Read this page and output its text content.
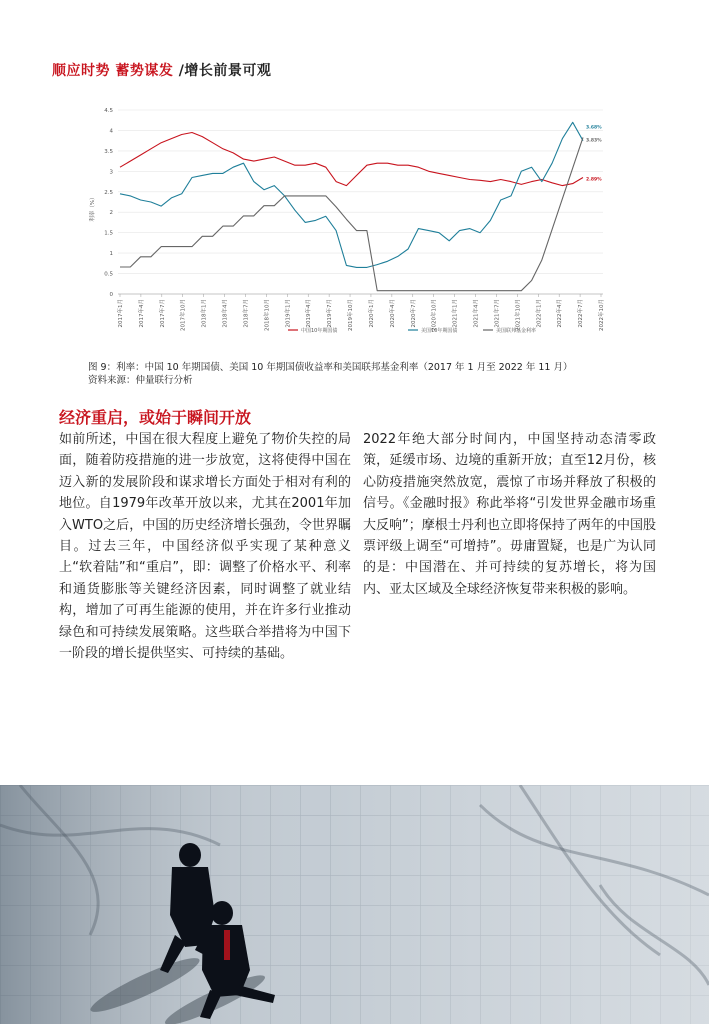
顺应时势 蓄势谋发 /增长前景可观
0
0.5
1
1.5
2
2.5
3
3.5
4
4.5
利率（%）
2017年1月	2017年4月	2017年7月	2017年10月	2018年1月	2018年4月	2018年7月	2018年10月	2019年1月	2019年4月	2019年7月	2019年10月	2020年1月	2020年4月	2020年7月	2020年10月	2021年1月	2021年4月	2021年7月	2021年10月	2022年1月	2022年4月	2022年7月	2022年10月
2.89%
3.68%
3.83%
中国10年期国债	美国10年期国债	美国联邦基金利率
图 9：利率：中国 10 年期国债、美国 10 年期国债收益率和美国联邦基金利率（2017 年 1 月至 2022 年 11 月）
资料来源：仲量联行分析
经济重启，或始于瞬间开放
如前所述，中国在很大程度上避免了物价失控的局面，随着防疫措施的进一步放宽，这将使得中国在迈入新的发展阶段和谋求增长方面处于相对有利的地位。自1979年改革开放以来，尤其在2001年加入WTO之后，中国的历史经济增长强劲，令世界瞩目。过去三年，中国经济似乎实现了某种意义上“软着陆”和“重启”，即：调整了价格水平、利率和通货膨胀等关键经济因素，同时调整了就业结构，增加了可再生能源的使用，并在许多行业推动绿色和可持续发展策略。这些联合举措将为中国下一阶段的增长提供坚实、可持续的基础。
2022年绝大部分时间内，中国坚持动态清零政策，延缓市场、边境的重新开放；直至12月份，核心防疫措施突然放宽，震惊了市场并释放了积极的信号。《金融时报》称此举将“引发世界金融市场重大反响”；摩根士丹利也立即将保持了两年的中国股票评级上调至“可增持”。毋庸置疑，也是广为认同的是：中国潜在、并可持续的复苏增长，将为国内、亚太区域及全球经济恢复带来积极的影响。
